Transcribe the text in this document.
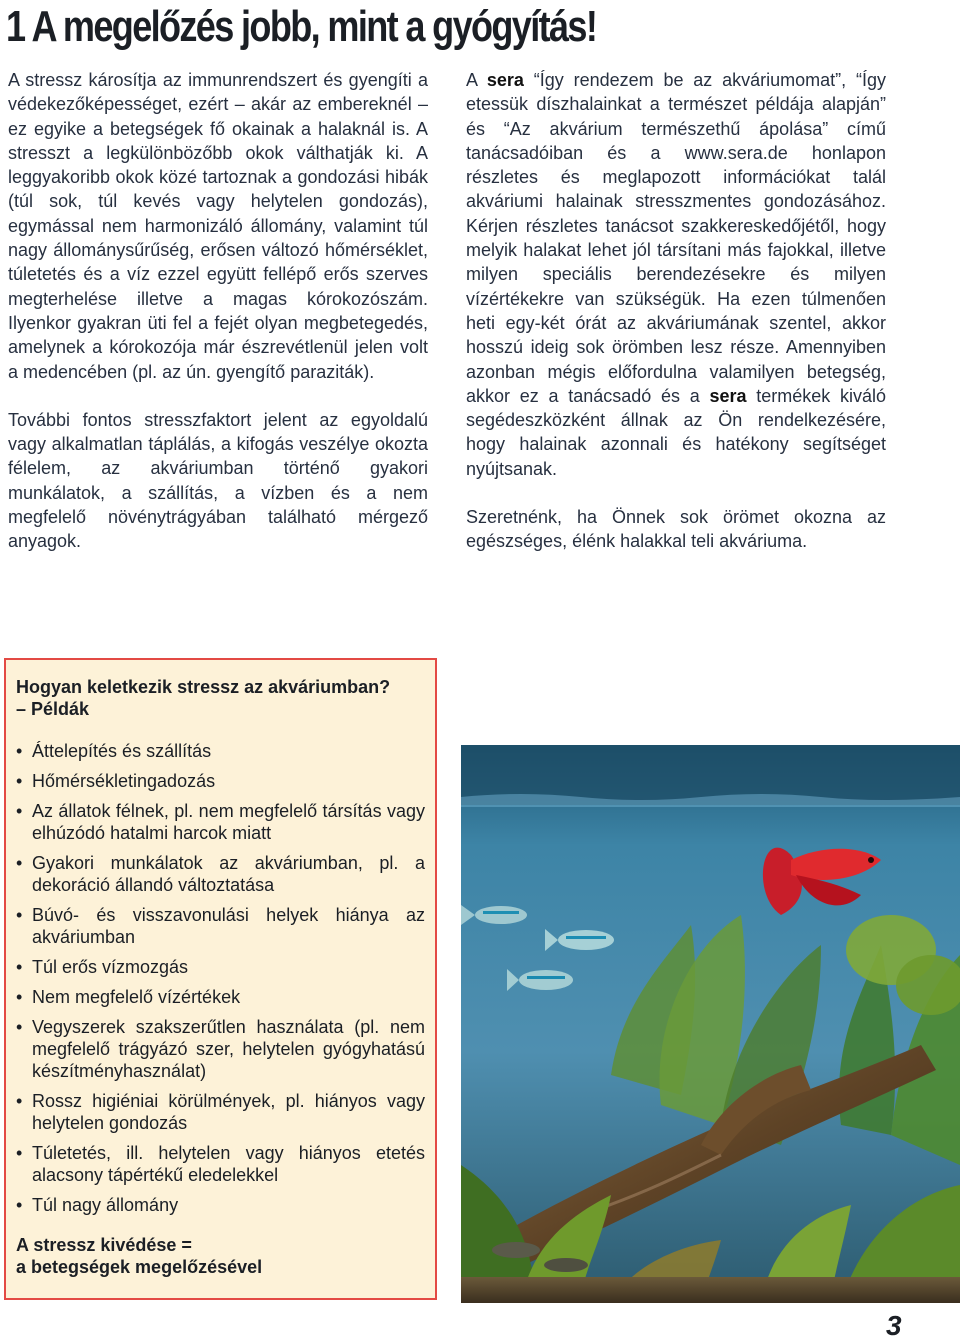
1 A megelőzés jobb, mint a gyógyítás!

A stressz károsítja az immunrendszert és gyengíti a védekezőképességet, ezért – akár az embereknél – ez egyike a betegségek fő okainak a halaknál is. A stresszt a legkülönbözőbb okok válthatják ki. A leggyakoribb okok közé tartoznak a gondozási hibák (túl sok, túl kevés vagy helytelen gondozás), egymással nem harmonizáló állomány, valamint túl nagy állománysűrűség, erősen változó hőmérséklet, túletetés és a víz ezzel együtt fellépő erős szerves megterhelése illetve a magas kórokozószám. Ilyenkor gyakran üti fel a fejét olyan megbetegedés, amelynek a kórokozója már észrevétlenül jelen volt a medencében (pl. az ún. gyengítő paraziták).

További fontos stresszfaktort jelent az egyoldalú vagy alkalmatlan táplálás, a kifogás veszélye okozta félelem, az akváriumban történő gyakori munkálatok, a szállítás, a vízben és a nem megfelelő növénytrágyában található mérgező anyagok.

A sera “Így rendezem be az akváriumomat”, “Így etessük díszhalainkat a természet példája alapján” és “Az akvárium természethű ápolása” című tanácsadóiban és a www.sera.de honlapon részletes és meglapozott információkat talál akváriumi halainak stresszmentes gondozásához. Kérjen részletes tanácsot szakkereskedőjétől, hogy melyik halakat lehet jól társítani más fajokkal, illetve milyen speciális berendezésekre és milyen vízértékekre van szükségük. Ha ezen túlmenően heti egy-két órát az akváriumának szentel, akkor hosszú ideig sok örömben lesz része. Amennyiben azonban mégis előfordulna valamilyen betegség, akkor ez a tanácsadó és a sera termékek kiváló segédeszközként állnak az Ön rendelkezésére, hogy halainak azonnali és hatékony segítséget nyújtsanak.

Szeretnénk, ha Önnek sok örömet okozna az egészséges, élénk halakkal teli akváriuma.

Hogyan keletkezik stressz az akváriumban?
– Példák
• Áttelepítés és szállítás
• Hőmérsékletingadozás
• Az állatok félnek, pl. nem megfelelő társítás vagy elhúzódó hatalmi harcok miatt
• Gyakori munkálatok az akváriumban, pl. a dekoráció állandó változtatása
• Búvó- és visszavonulási helyek hiánya az akváriumban
• Túl erős vízmozgás
• Nem megfelelő vízértékek
• Vegyszerek szakszerűtlen használata (pl. nem megfelelő trágyázó szer, helytelen gyógyhatású készítményhasználat)
• Rossz higiéniai körülmények, pl. hiányos vagy helytelen gondozás
• Túletetés, ill. helytelen vagy hiányos etetés alacsony tápértékű eledelekkel
• Túl nagy állomány
A stressz kivédése =
a betegségek megelőzésével
3
